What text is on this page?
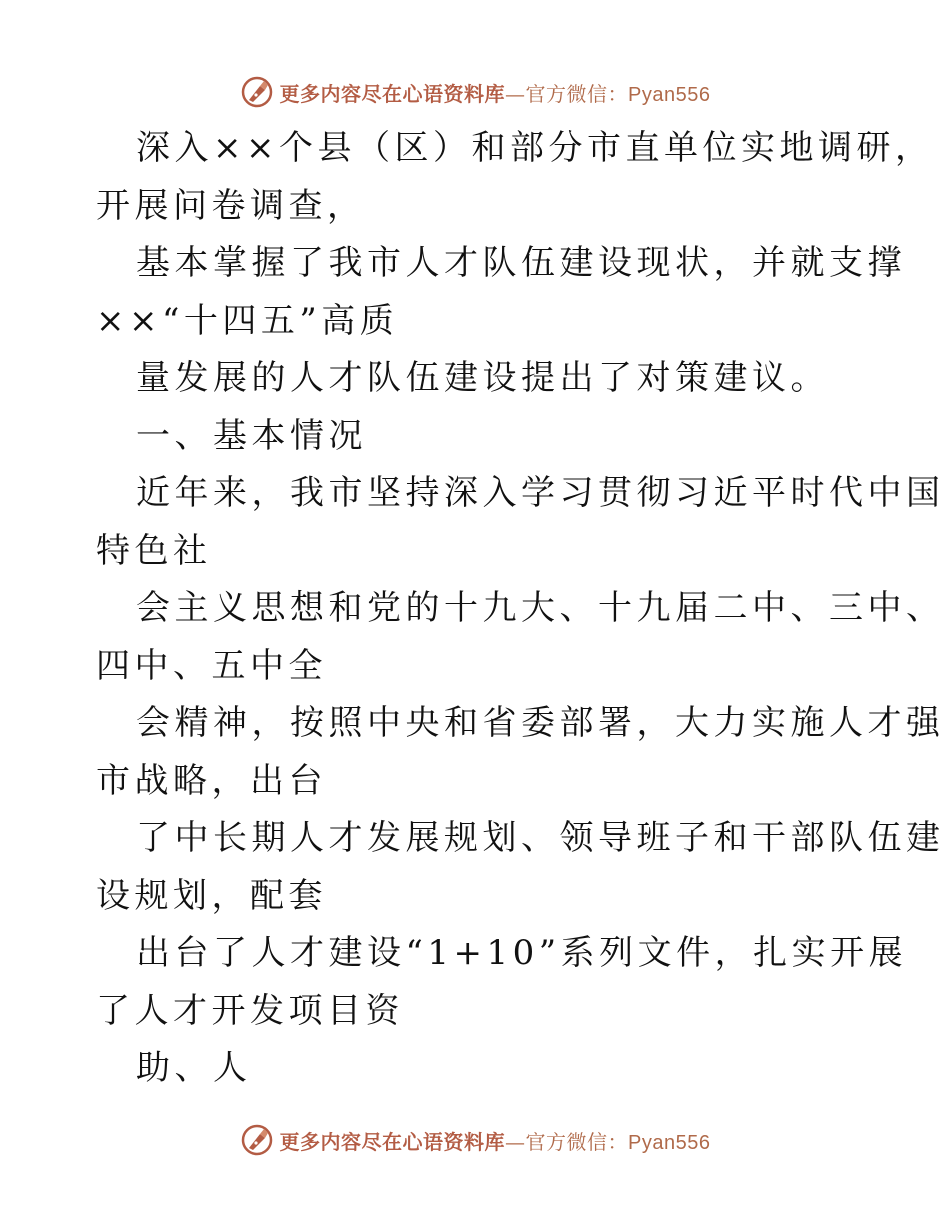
更多内容尽在心语资料库—官方微信：Pyan556
深入××个县（区）和部分市直单位实地调研，
开展问卷调查，
基本掌握了我市人才队伍建设现状，并就支撑
××“十四五”高质
量发展的人才队伍建设提出了对策建议。
一、基本情况
近年来，我市坚持深入学习贯彻习近平时代中国
特色社
会主义思想和党的十九大、十九届二中、三中、
四中、五中全
会精神，按照中央和省委部署，大力实施人才强
市战略，出台
了中长期人才发展规划、领导班子和干部队伍建
设规划，配套
出台了人才建设“1+10”系列文件，扎实开展
了人才开发项目资
助、人
更多内容尽在心语资料库—官方微信：Pyan556
